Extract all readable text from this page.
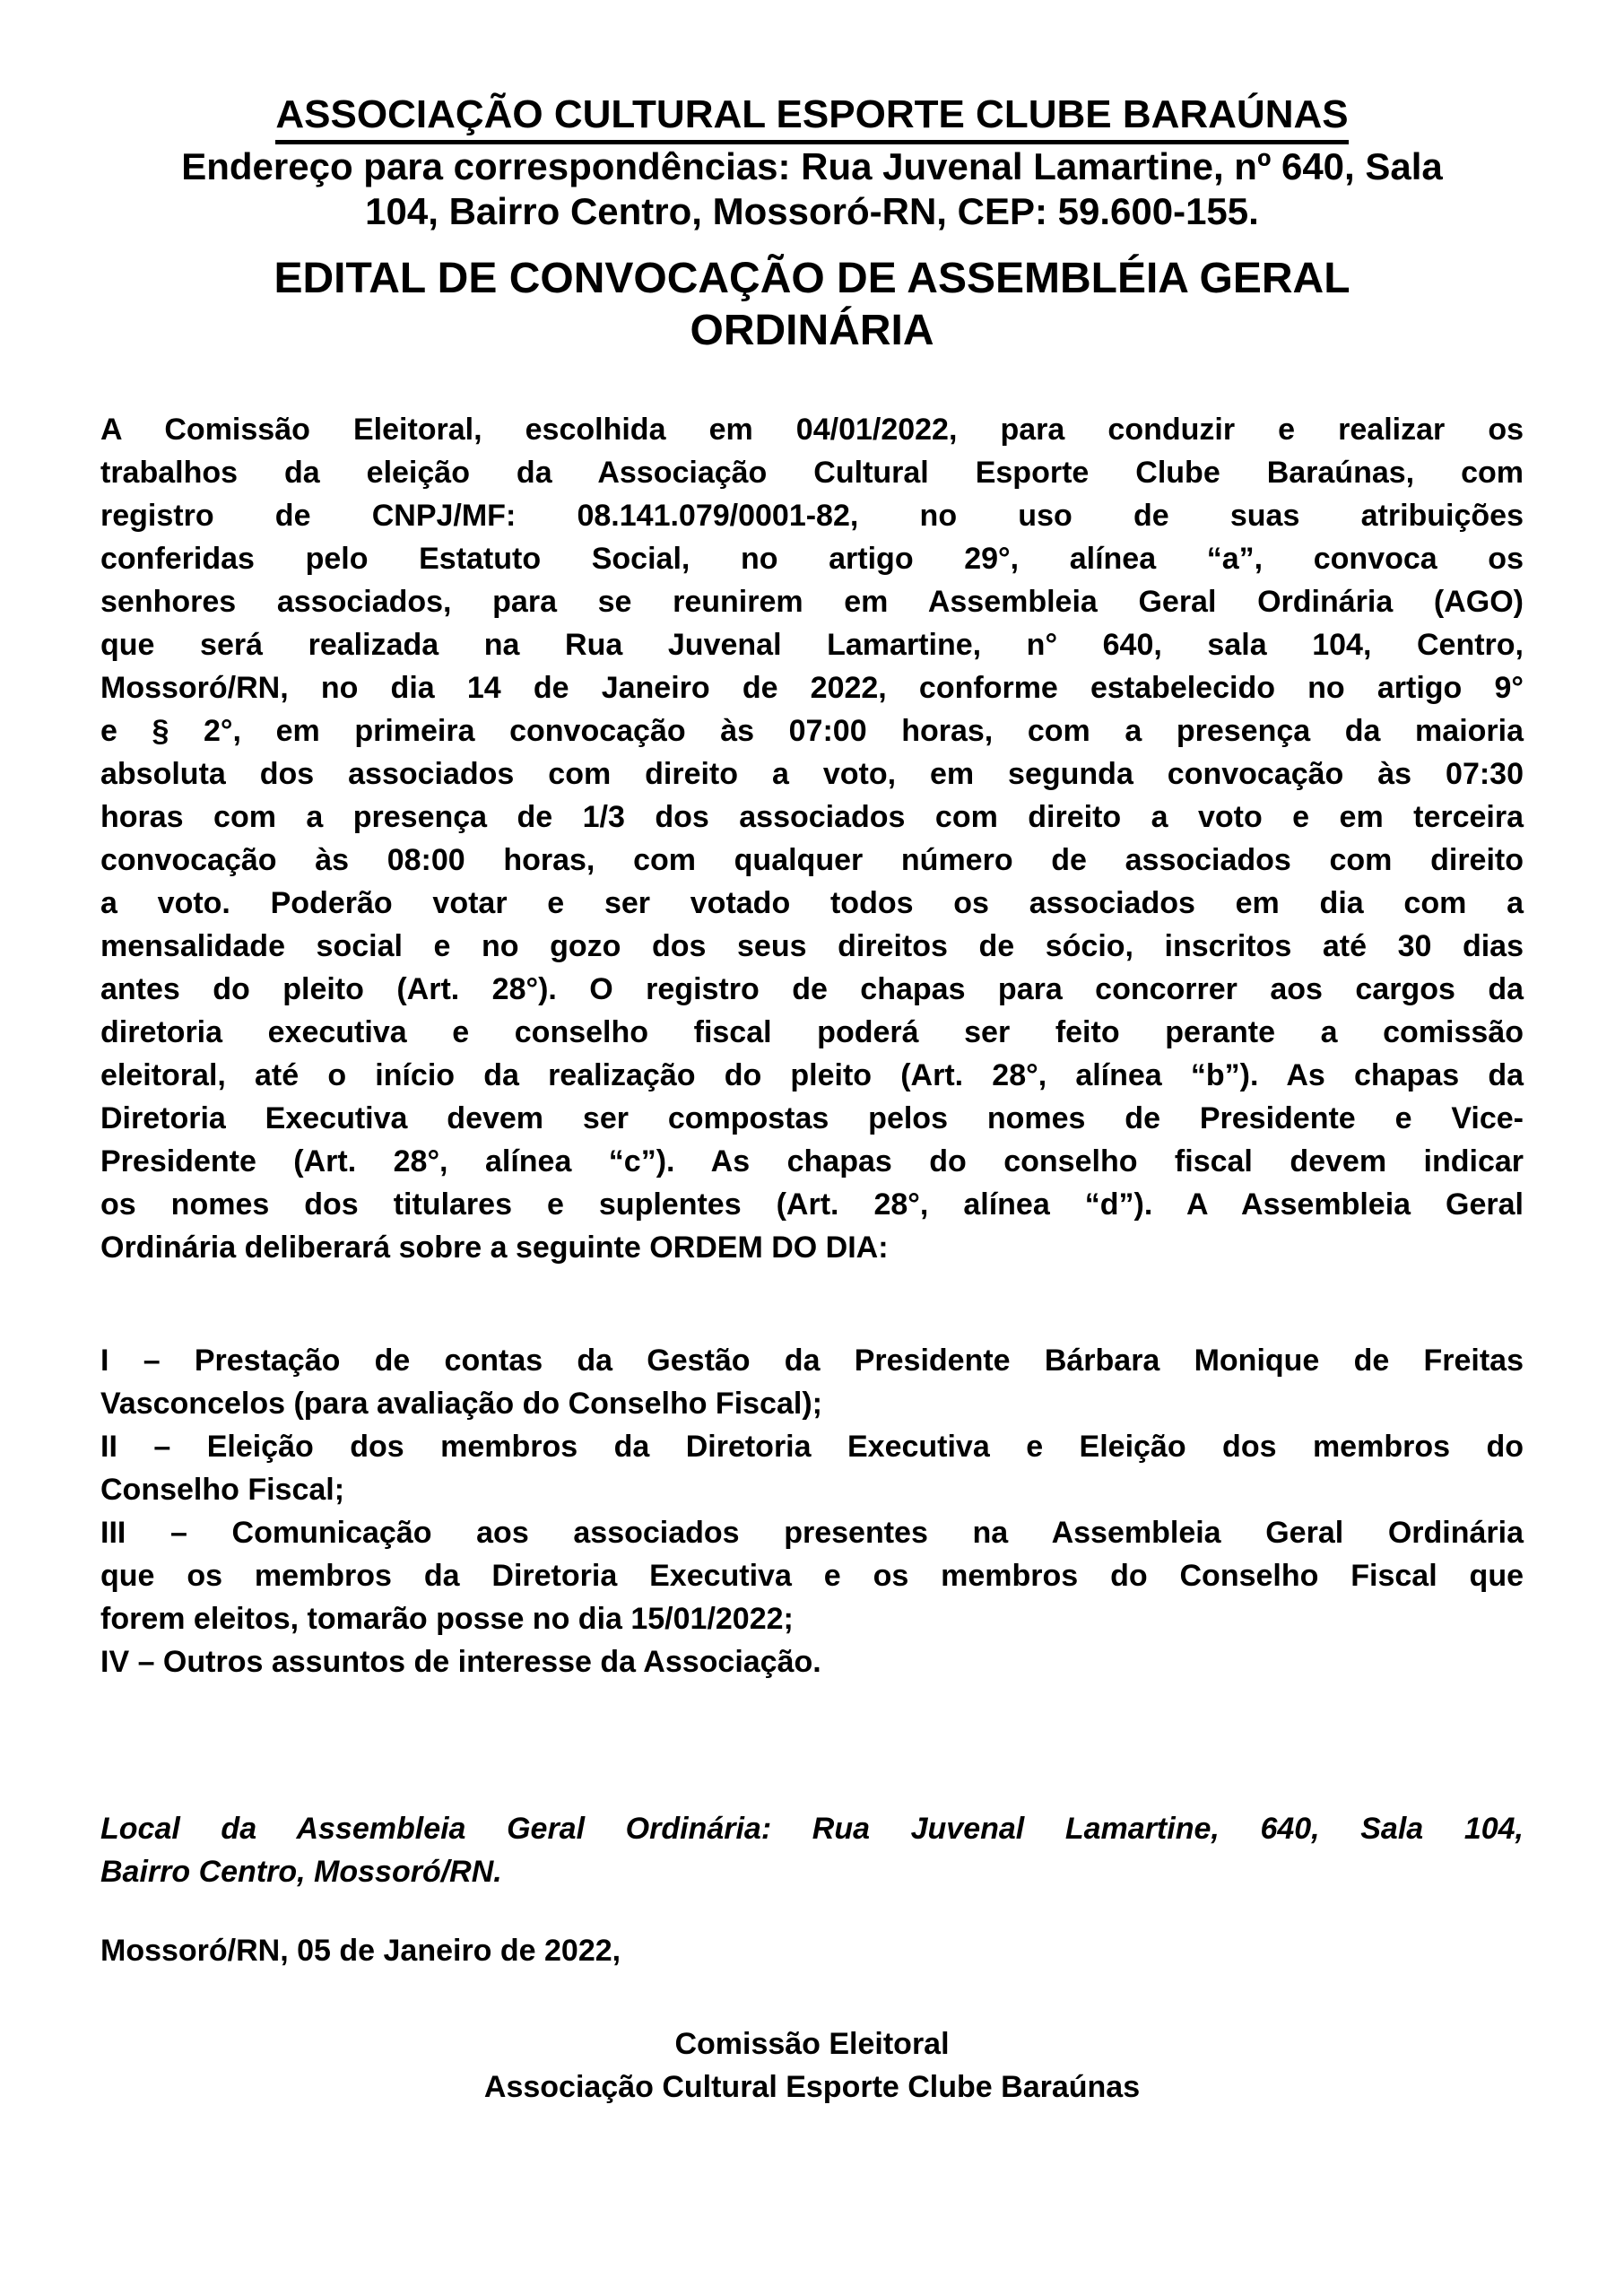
ASSOCIAÇÃO CULTURAL ESPORTE CLUBE BARAÚNAS
Endereço para correspondências: Rua Juvenal Lamartine, nº 640, Sala
104, Bairro Centro, Mossoró-RN, CEP: 59.600-155.
EDITAL DE CONVOCAÇÃO DE ASSEMBLÉIA GERAL
ORDINÁRIA
A Comissão Eleitoral, escolhida em 04/01/2022, para conduzir e realizar os
trabalhos da eleição da Associação Cultural Esporte Clube Baraúnas, com
registro de CNPJ/MF: 08.141.079/0001-82, no uso de suas atribuições
conferidas pelo Estatuto Social, no artigo 29°, alínea “a”, convoca os
senhores associados, para se reunirem em Assembleia Geral Ordinária (AGO)
que será realizada na Rua Juvenal Lamartine, n° 640, sala 104, Centro,
Mossoró/RN, no dia 14 de Janeiro de 2022, conforme estabelecido no artigo 9°
e § 2°, em primeira convocação às 07:00 horas, com a presença da maioria
absoluta dos associados com direito a voto, em segunda convocação às 07:30
horas com a presença de 1/3 dos associados com direito a voto e em terceira
convocação às 08:00 horas, com qualquer número de associados com direito
a voto. Poderão votar e ser votado todos os associados em dia com a
mensalidade social e no gozo dos seus direitos de sócio, inscritos até 30 dias
antes do pleito (Art. 28°). O registro de chapas para concorrer aos cargos da
diretoria executiva e conselho fiscal poderá ser feito perante a comissão
eleitoral, até o início da realização do pleito (Art. 28°, alínea “b”). As chapas da
Diretoria Executiva devem ser compostas pelos nomes de Presidente e Vice-
Presidente (Art. 28°, alínea “c”). As chapas do conselho fiscal devem indicar
os nomes dos titulares e suplentes (Art. 28°, alínea “d”). A Assembleia Geral
Ordinária deliberará sobre a seguinte ORDEM DO DIA:
I – Prestação de contas da Gestão da Presidente Bárbara Monique de Freitas
Vasconcelos (para avaliação do Conselho Fiscal);
II – Eleição dos membros da Diretoria Executiva e Eleição dos membros do
Conselho Fiscal;
III – Comunicação aos associados presentes na Assembleia Geral Ordinária
que os membros da Diretoria Executiva e os membros do Conselho Fiscal que
forem eleitos, tomarão posse no dia 15/01/2022;
IV – Outros assuntos de interesse da Associação.
Local da Assembleia Geral Ordinária: Rua Juvenal Lamartine, 640, Sala 104,
Bairro Centro, Mossoró/RN.
Mossoró/RN, 05 de Janeiro de 2022,
Comissão Eleitoral
Associação Cultural Esporte Clube Baraúnas
